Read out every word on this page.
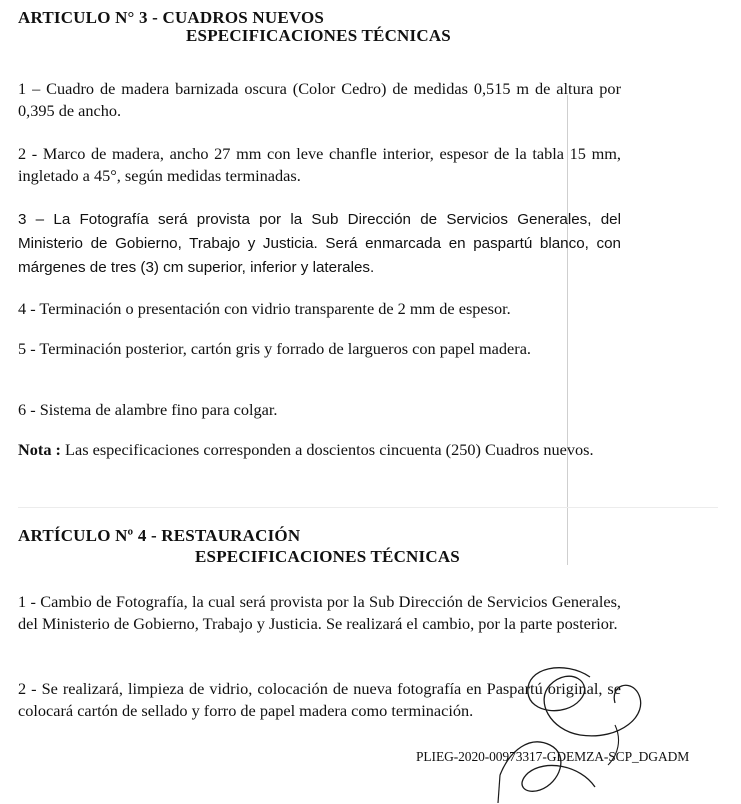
ARTICULO N° 3 - CUADROS NUEVOS
ESPECIFICACIONES TÉCNICAS
1 – Cuadro de madera barnizada oscura (Color Cedro) de medidas 0,515 m de altura por 0,395 de ancho.
2 - Marco de madera, ancho 27 mm con leve chanfle interior, espesor de la tabla 15 mm, ingletado a 45°, según medidas terminadas.
3 – La Fotografía será provista por la Sub Dirección de Servicios Generales, del Ministerio de Gobierno, Trabajo y Justicia. Será enmarcada en paspartú blanco, con márgenes de tres (3) cm superior, inferior y laterales.
4 - Terminación o presentación con vidrio transparente de 2 mm de espesor.
5 - Terminación posterior, cartón gris y forrado de largueros con papel madera.
6 - Sistema de alambre fino para colgar.
Nota : Las especificaciones corresponden a doscientos cincuenta (250) Cuadros nuevos.
ARTÍCULO Nº 4 - RESTAURACIÓN
ESPECIFICACIONES TÉCNICAS
1 - Cambio de Fotografía, la cual será provista por la Sub Dirección de Servicios Generales, del Ministerio de Gobierno, Trabajo y Justicia. Se realizará el cambio, por la parte posterior.
2 - Se realizará, limpieza de vidrio, colocación de nueva fotografía en Paspartú original, se colocará cartón de sellado y forro de papel madera como terminación.
PLIEG-2020-00973317-GDEMZA-SCP_DGADM
